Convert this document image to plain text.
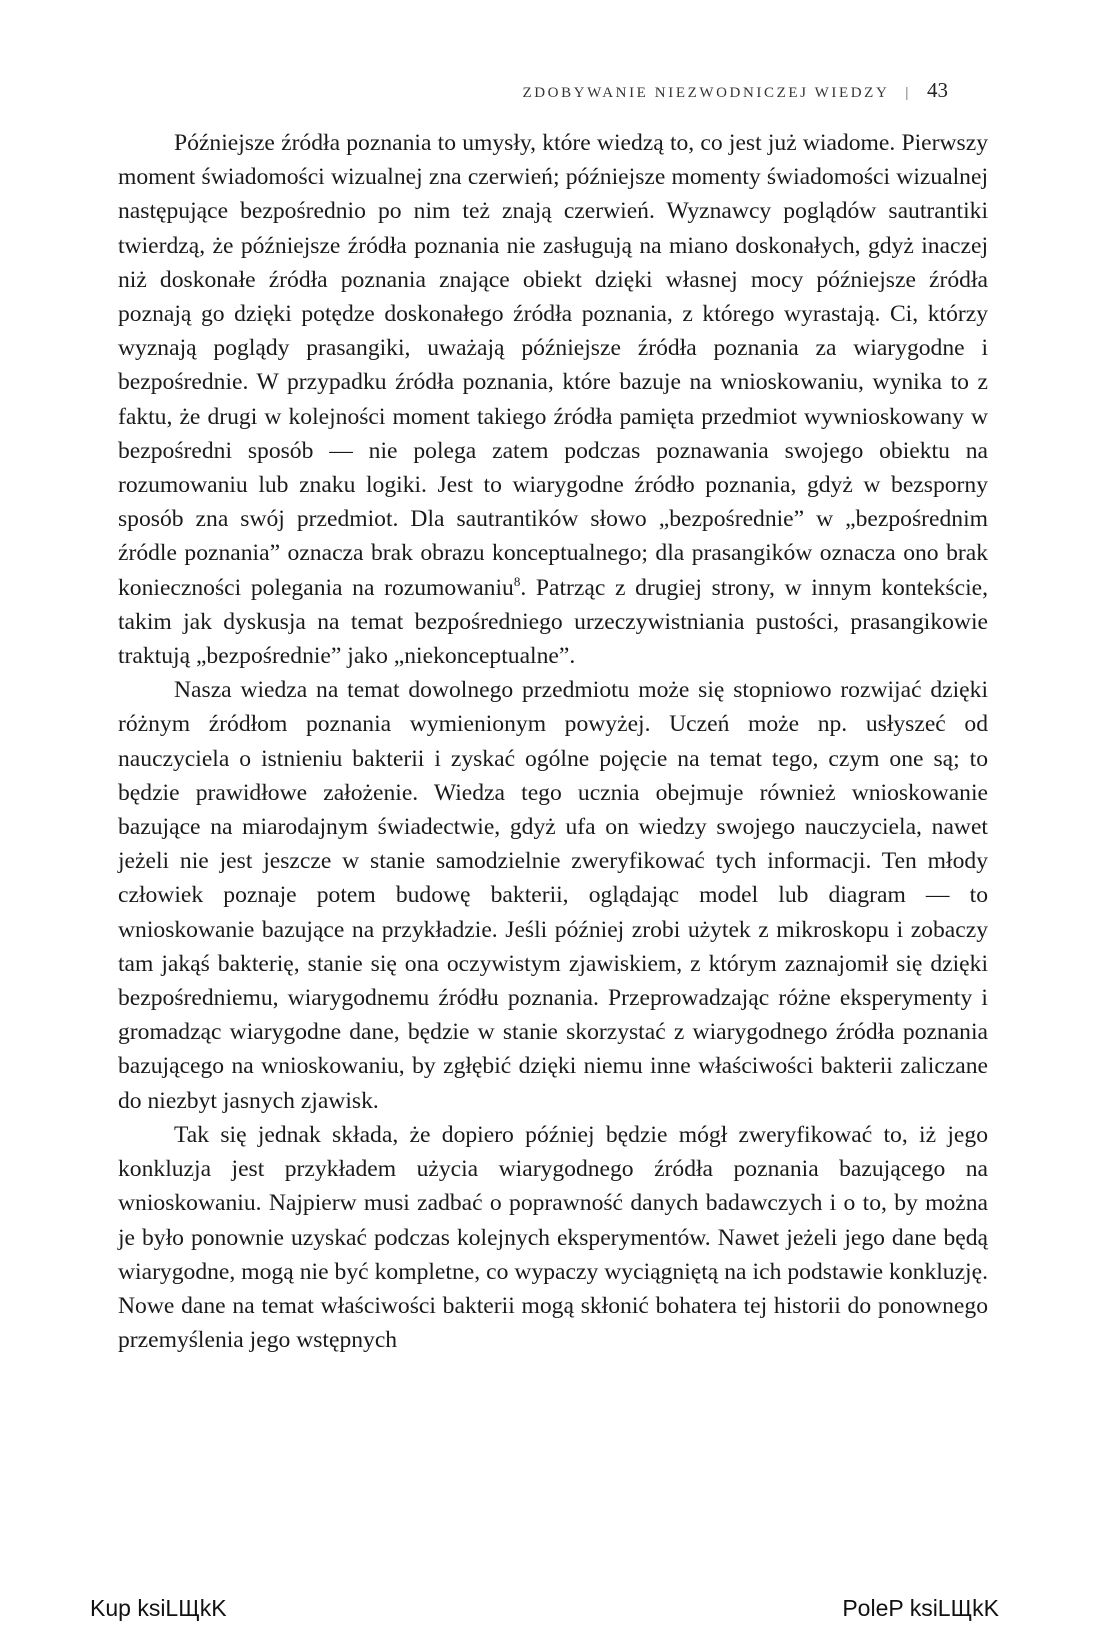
ZDOBYWANIE NIEZWODNICZEJ WIEDZY | 43

Późniejsze źródła poznania to umysły, które wiedzą to, co jest już wiadome. Pierwszy moment świadomości wizualnej zna czerwień; późniejsze momenty świadomości wizualnej następujące bezpośrednio po nim też znają czerwień. Wyznawcy poglądów sautrantiki twierdzą, że późniejsze źródła poznania nie zasługują na miano doskonałych, gdyż inaczej niż doskonałe źródła poznania znające obiekt dzięki własnej mocy późniejsze źródła poznają go dzięki potędze doskonałego źródła poznania, z którego wyrastają. Ci, którzy wyznają poglądy prasangiki, uważają późniejsze źródła poznania za wiarygodne i bezpośrednie. W przypadku źródła poznania, które bazuje na wnioskowaniu, wynika to z faktu, że drugi w kolejności moment takiego źródła pamięta przedmiot wywnioskowany w bezpośredni sposób — nie polega zatem podczas poznawania swojego obiektu na rozumowaniu lub znaku logiki. Jest to wiarygodne źródło poznania, gdyż w bezsporny sposób zna swój przedmiot. Dla sautrantików słowo „bezpośrednie” w „bezpośrednim źródle poznania” oznacza brak obrazu konceptualnego; dla prasangików oznacza ono brak konieczności polegania na rozumowaniu$^8$. Patrząc z drugiej strony, w innym kontekście, takim jak dyskusja na temat bezpośredniego urzeczywistniania pustości, prasangikowie traktują „bezpośrednie” jako „niekonceptualne”.

Nasza wiedza na temat dowolnego przedmiotu może się stopniowo rozwijać dzięki różnym źródłom poznania wymienionym powyżej. Uczeń może np. usłyszeć od nauczyciela o istnieniu bakterii i zyskać ogólne pojęcie na temat tego, czym one są; to będzie prawidłowe założenie. Wiedza tego ucznia obejmuje również wnioskowanie bazujące na miarodajnym świadectwie, gdyż ufa on wiedzy swojego nauczyciela, nawet jeżeli nie jest jeszcze w stanie samodzielnie zweryfikować tych informacji. Ten młody człowiek poznaje potem budowę bakterii, oglądając model lub diagram — to wnioskowanie bazujące na przykładzie. Jeśli później zrobi użytek z mikroskopu i zobaczy tam jakąś bakterię, stanie się ona oczywistym zjawiskiem, z którym zaznajomił się dzięki bezpośredniemu, wiarygodnemu źródłu poznania. Przeprowadzając różne eksperymenty i gromadząc wiarygodne dane, będzie w stanie skorzystać z wiarygodnego źródła poznania bazującego na wnioskowaniu, by zgłębić dzięki niemu inne właściwości bakterii zaliczane do niezbyt jasnych zjawisk.

Tak się jednak składa, że dopiero później będzie mógł zweryfikować to, iż jego konkluzja jest przykładem użycia wiarygodnego źródła poznania bazującego na wnioskowaniu. Najpierw musi zadbać o poprawność danych badawczych i o to, by można je było ponownie uzyskać podczas kolejnych eksperymentów. Nawet jeżeli jego dane będą wiarygodne, mogą nie być kompletne, co wypaczy wyciągniętą na ich podstawie konkluzję. Nowe dane na temat właściwości bakterii mogą skłonić bohatera tej historii do ponownego przemyślenia jego wstępnych

Kup ksiLЩkK	PoleP ksiLЩkK
